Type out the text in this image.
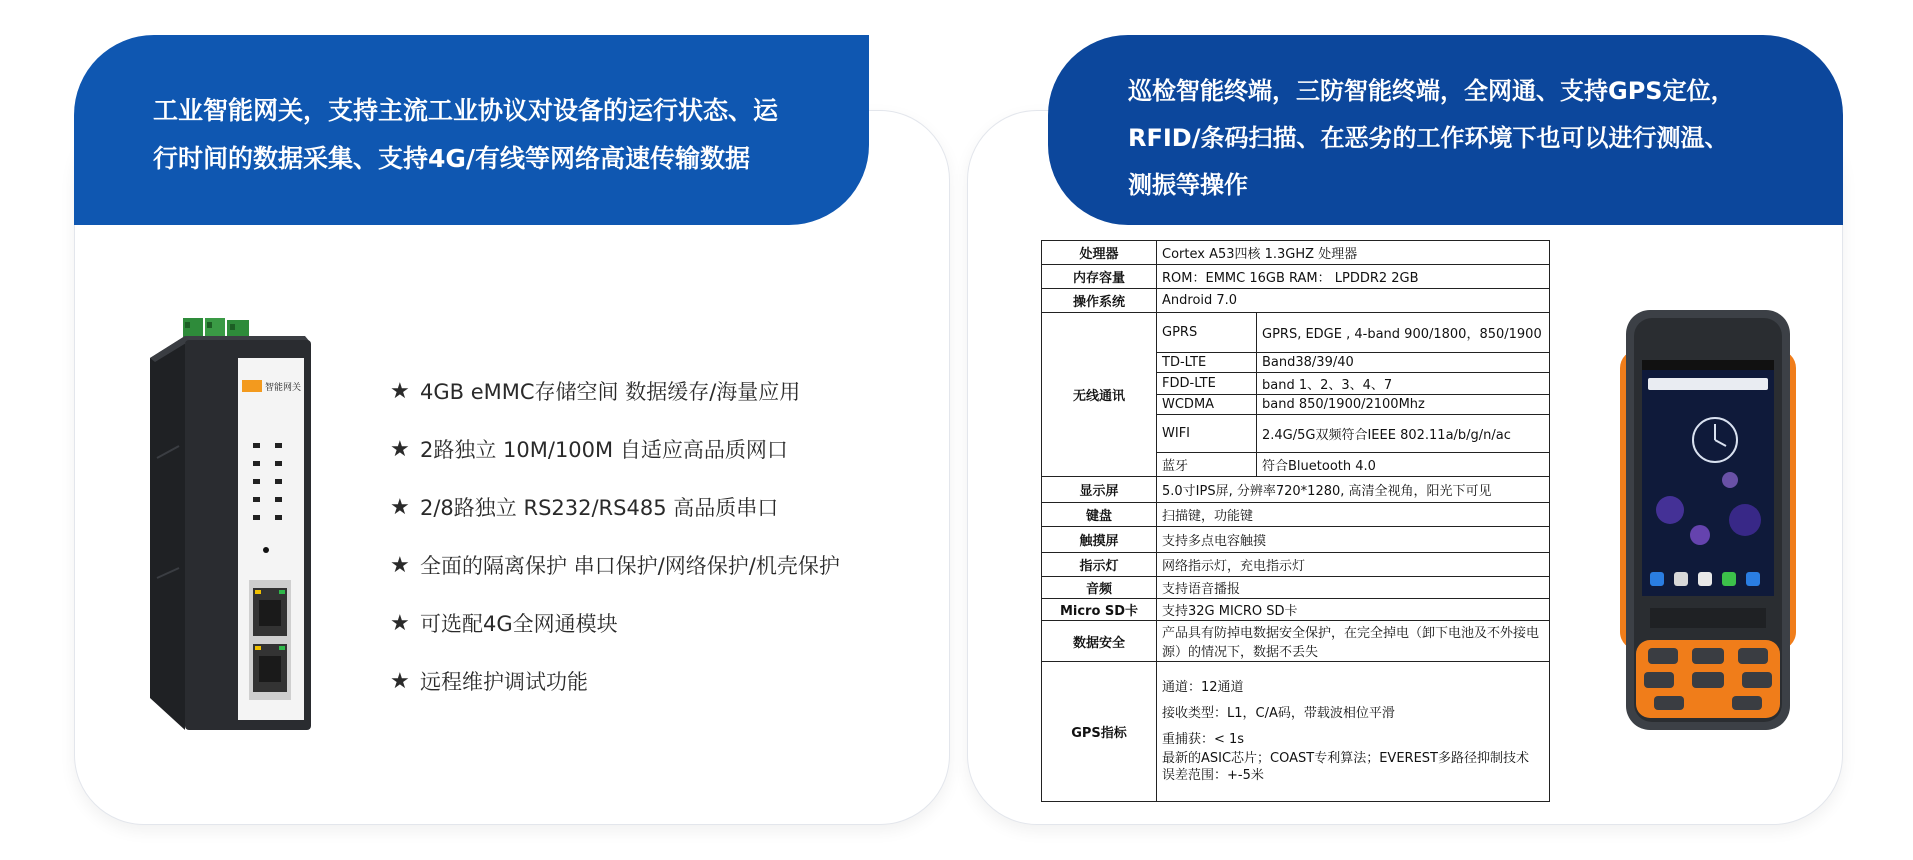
工业智能网关，支持主流工业协议对设备的运行状态、运
行时间的数据采集、支持4G/有线等网络高速传输数据
巡检智能终端，三防智能终端，全网通、支持GPS定位，
RFID/条码扫描、在恶劣的工作环境下也可以进行测温、
测振等操作
智能网关	★ 4GB eMMC存储空间 数据缓存/海量应用
★ 2路独立 10M/100M 自适应高品质网口
★ 2/8路独立 RS232/RS485 高品质串口
★ 全面的隔离保护 串口保护/网络保护/机壳保护
★ 可选配4G全网通模块
★ 远程维护调试功能
处理器	Cortex A53四核 1.3GHZ 处理器	
内存容量	ROM：EMMC 16GB RAM： LPDDR2 2GB	
操作系统	Android 7.0	
无线通讯	GPRS	GPRS, EDGE , 4-band 900/1800，850/1900
	TD-LTE	Band38/39/40
	FDD-LTE	band 1、2、3、4、7
	WCDMA	band 850/1900/2100Mhz
	WIFI	2.4G/5G双频符合IEEE 802.11a/b/g/n/ac
	蓝牙	符合Bluetooth 4.0
显示屏	5.0寸IPS屏, 分辨率720*1280, 高清全视角，阳光下可见	
键盘	扫描键，功能键	
触摸屏	支持多点电容触摸	
指示灯	网络指示灯，充电指示灯	
音频	支持语音播报	
Micro SD卡	支持32G MICRO SD卡	
数据安全	产品具有防掉电数据安全保护，在完全掉电（卸下电池及不外接电源）的情况下，数据不丢失	
GPS指标	通道：12通道
接收类型：L1，C/A码，带载波相位平滑
重捕获：< 1s
最新的ASIC芯片；COAST专利算法；EVEREST多路径抑制技术
误差范围：+-5米	
